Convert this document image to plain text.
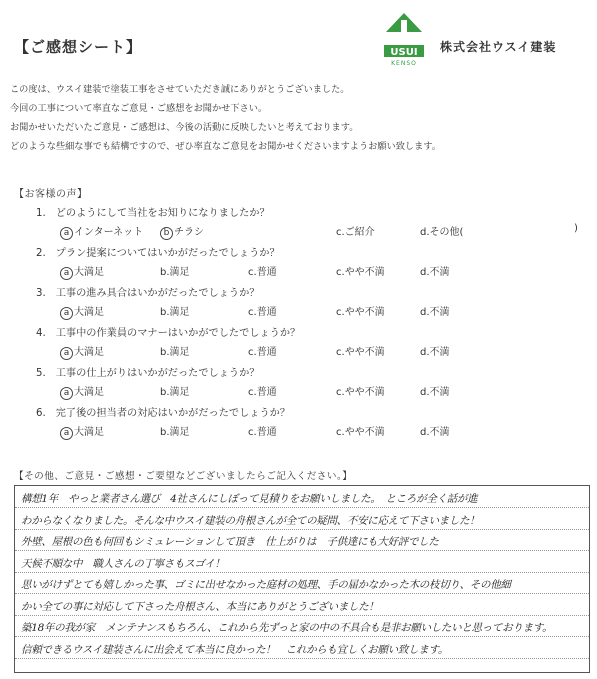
【ご感想シート】	USUI
KENSO
株式会社ウスイ建装
この度は、ウスイ建装で塗装工事をさせていただき誠にありがとうございました。
今回の工事について率直なご意見・ご感想をお聞かせ下さい。
お聞かせいただいたご意見・ご感想は、今後の活動に反映したいと考えております。
どのような些細な事でも結構ですので、ぜひ率直なご意見をお聞かせくださいますようお願い致します。
【お客様の声】
1. どのようにして当社をお知りになりましたか？
a インターネット	b チラシ	c.ご紹介	d.その他(	)
2. プラン提案についてはいかがだったでしょうか？
a 大満足	b.満足	c.普通	c.やや不満	d.不満
3. 工事の進み具合はいかがだったでしょうか？
a 大満足	b.満足	c.普通	c.やや不満	d.不満
4. 工事中の作業員のマナーはいかがでしたでしょうか？
a 大満足	b.満足	c.普通	c.やや不満	d.不満
5. 工事の仕上がりはいかがだったでしょうか？
a 大満足	b.満足	c.普通	c.やや不満	d.不満
6. 完了後の担当者の対応はいかがだったでしょうか？
a 大満足	b.満足	c.普通	c.やや不満	d.不満
【その他、ご意見・ご感想・ご要望などございましたらご記入ください。】
構想1年　やっと業者さん選び　4社さんにしぼって見積りをお願いしました。　ところが全く話が進
わからなくなりました。そんな中ウスイ建装の舟根さんが全ての疑問、不安に応えて下さいました！
外壁、屋根の色も何回もシミュレーションして頂き　仕上がりは　子供達にも大好評でした
天候不順な中　職人さんの丁寧さもスゴイ！
思いがけずとても嬉しかった事、ゴミに出せなかった庭材の処理、手の届かなかった木の枝切り、その他細
かい全ての事に対応して下さった舟根さん、本当にありがとうございました！
築18年の我が家　メンテナンスもちろん、これから先ずっと家の中の不具合も是非お願いしたいと思っております。
信頼できるウスイ建装さんに出会えて本当に良かった！　これからも宜しくお願い致します。
